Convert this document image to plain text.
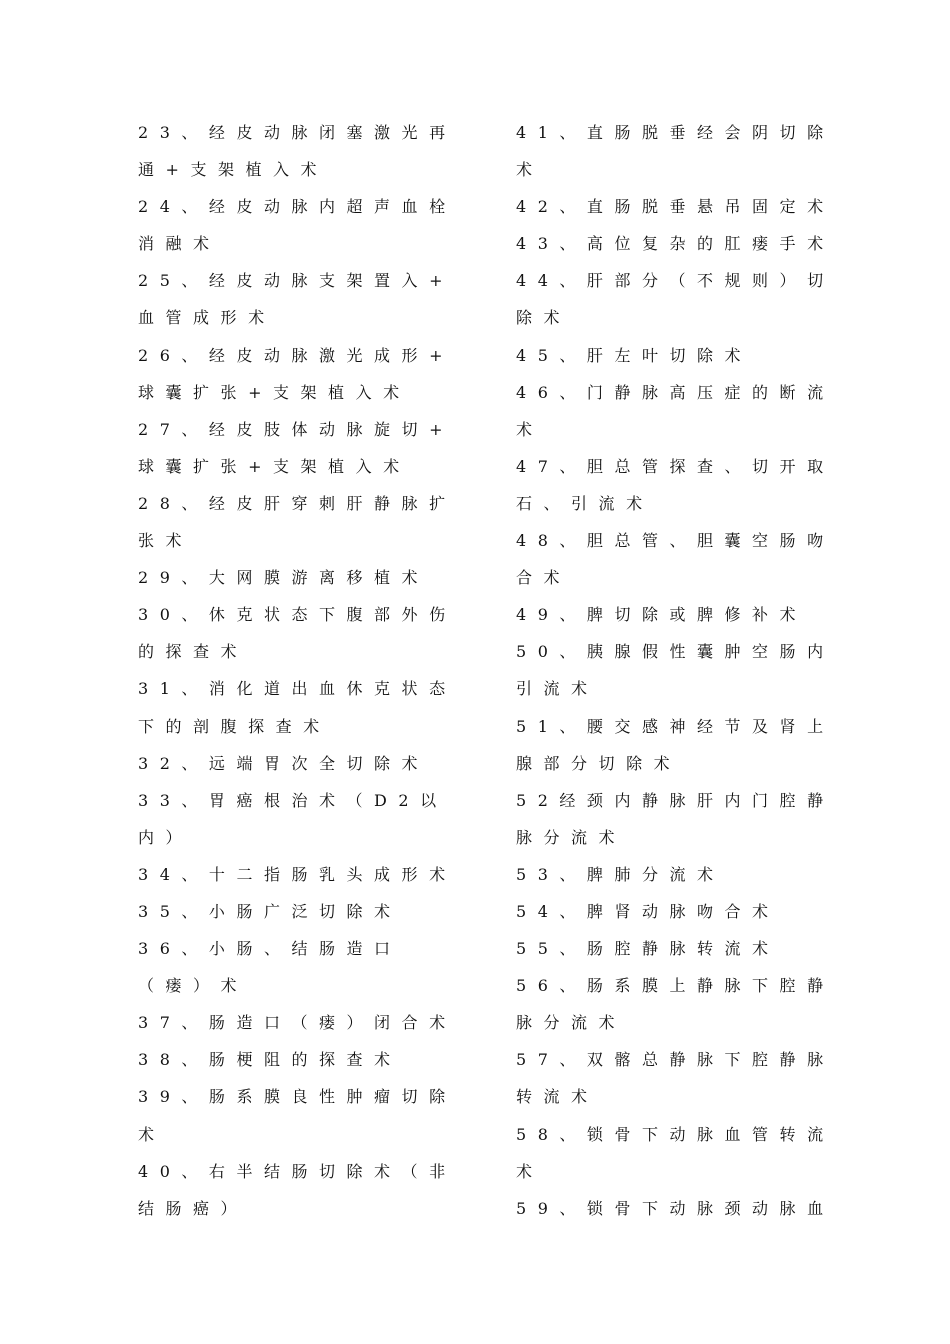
23、经皮动脉闭塞激光再
通+支架植入术
24、经皮动脉内超声血栓
消融术
25、经皮动脉支架置入+
血管成形术
26、经皮动脉激光成形+
球囊扩张+支架植入术
27、经皮肢体动脉旋切+
球囊扩张+支架植入术
28、经皮肝穿刺肝静脉扩
张术
29、大网膜游离移植术
30、休克状态下腹部外伤
的探查术
31、消化道出血休克状态
下的剖腹探查术
32、远端胃次全切除术
33、胃癌根治术（D2以
内）
34、十二指肠乳头成形术
35、小肠广泛切除术
36、小肠、结肠造口
（瘘）术
37、肠造口（瘘）闭合术
38、肠梗阻的探查术
39、肠系膜良性肿瘤切除
术
40、右半结肠切除术（非
结肠癌）
41、直肠脱垂经会阴切除
术
42、直肠脱垂悬吊固定术
43、高位复杂的肛瘘手术
44、肝部分（不规则）切
除术
45、肝左叶切除术
46、门静脉高压症的断流
术
47、胆总管探查、切开取
石、引流术
48、胆总管、胆囊空肠吻
合术
49、脾切除或脾修补术
50、胰腺假性囊肿空肠内
引流术
51、腰交感神经节及肾上
腺部分切除术
52经颈内静脉肝内门腔静
脉分流术
53、脾肺分流术
54、脾肾动脉吻合术
55、肠腔静脉转流术
56、肠系膜上静脉下腔静
脉分流术
57、双髂总静脉下腔静脉
转流术
58、锁骨下动脉血管转流
术
59、锁骨下动脉颈动脉血
